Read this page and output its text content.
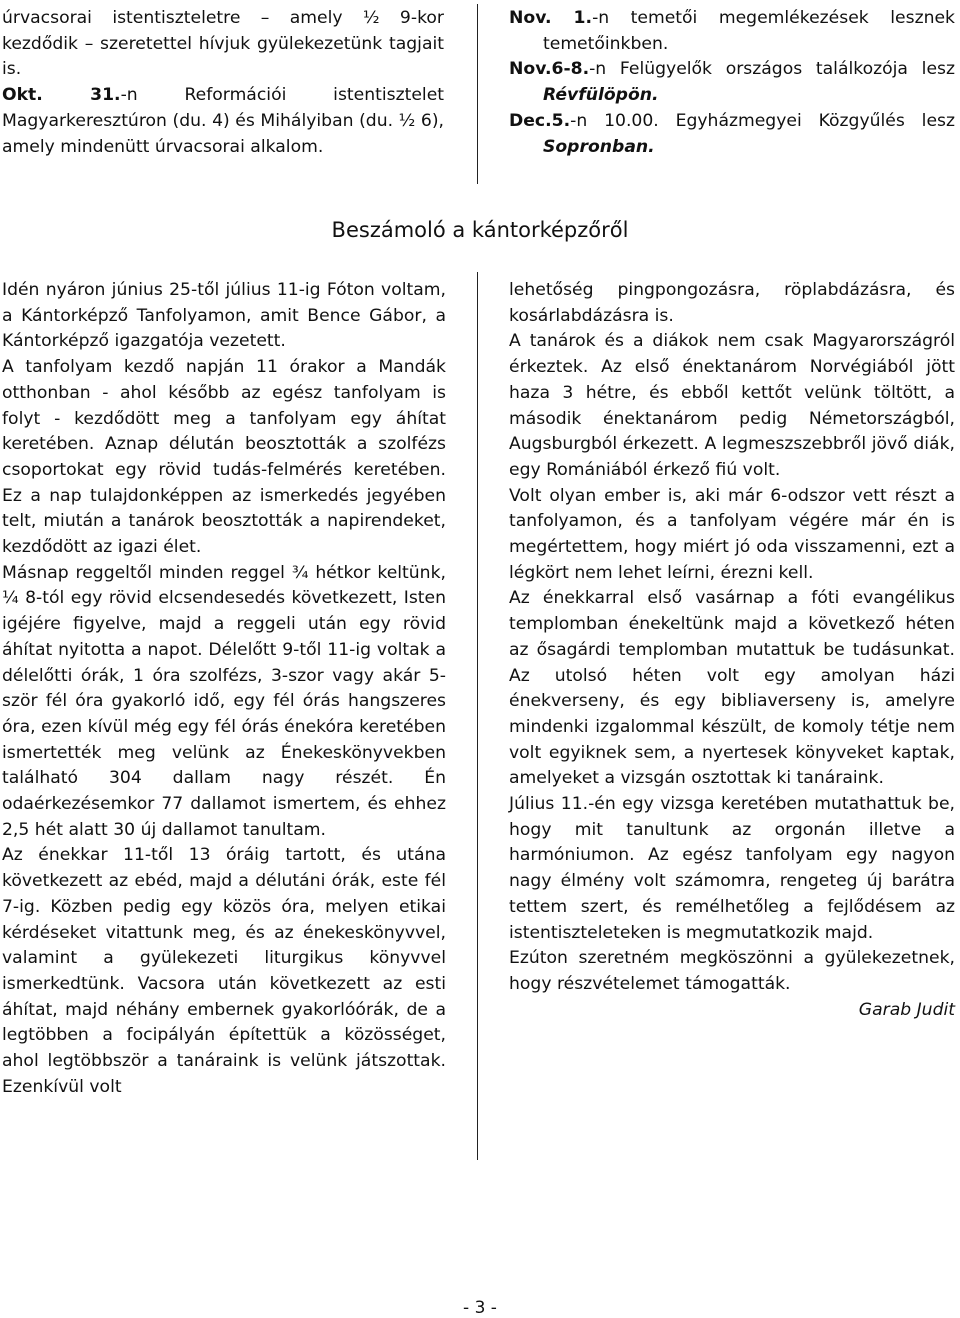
úrvacsorai istentiszteletre – amely ½ 9-kor kezdődik – szeretettel hívjuk gyülekezetünk tagjait is.

Okt. 31.-n Reformációi istentisztelet Magyarkeresztúron (du. 4) és Mihályiban (du. ½ 6), amely mindenütt úrvacsorai alkalom.

Nov. 1.-n temetői megemlékezések lesznek temetőinkben.

Nov.6-8.-n Felügyelők országos találkozója lesz Révfülöpön.

Dec.5.-n 10.00. Egyházmegyei Közgyűlés lesz Sopronban.

Beszámoló a kántorképzőről

Idén nyáron június 25-től július 11-ig Fóton voltam, a Kántorképző Tanfolyamon, amit Bence Gábor, a Kántorképző igazgatója vezetett.

A tanfolyam kezdő napján 11 órakor a Mandák otthonban - ahol később az egész tanfolyam is folyt - kezdődött meg a tanfolyam egy áhítat keretében. Aznap délután beosztották a szolfézs csoportokat egy rövid tudás-felmérés keretében. Ez a nap tulajdonképpen az ismerkedés jegyében telt, miután a tanárok beosztották a napirendeket, kezdődött az igazi élet.

Másnap reggeltől minden reggel ¾ hétkor keltünk, ¼ 8-tól egy rövid elcsendesedés következett, Isten igéjére figyelve, majd a reggeli után egy rövid áhítat nyitotta a napot. Délelőtt 9-től 11-ig voltak a délelőtti órák, 1 óra szolfézs, 3-szor vagy akár 5-ször fél óra gyakorló idő, egy fél órás hangszeres óra, ezen kívül még egy fél órás énekóra keretében ismertették meg velünk az Énekeskönyvekben található 304 dallam nagy részét. Én odaérkezésemkor 77 dallamot ismertem, és ehhez 2,5 hét alatt 30 új dallamot tanultam.

Az énekkar 11-től 13 óráig tartott, és utána következett az ebéd, majd a délutáni órák, este fél 7-ig. Közben pedig egy közös óra, melyen etikai kérdéseket vitattunk meg, és az énekeskönyvvel, valamint a gyülekezeti liturgikus könyvvel ismerkedtünk. Vacsora után következett az esti áhítat, majd néhány embernek gyakorlóórák, de a legtöbben a focipályán építettük a közösséget, ahol legtöbbször a tanáraink is velünk játszottak. Ezenkívül volt

lehetőség pingpongozásra, röplabdázásra, és kosárlabdázásra is.

A tanárok és a diákok nem csak Magyarországról érkeztek. Az első énektanárom Norvégiából jött haza 3 hétre, és ebből kettőt velünk töltött, a második énektanárom pedig Németországból, Augsburgból érkezett. A legmeszszebbről jövő diák, egy Romániából érkező fiú volt.

Volt olyan ember is, aki már 6-odszor vett részt a tanfolyamon, és a tanfolyam végére már én is megértettem, hogy miért jó oda visszamenni, ezt a légkört nem lehet leírni, érezni kell.

Az énekkarral első vasárnap a fóti evangélikus templomban énekeltünk majd a következő héten az ősagárdi templomban mutattuk be tudásunkat. Az utolsó héten volt egy amolyan házi énekverseny, és egy bibliaverseny is, amelyre mindenki izgalommal készült, de komoly tétje nem volt egyiknek sem, a nyertesek könyveket kaptak, amelyeket a vizsgán osztottak ki tanáraink.

Július 11.-én egy vizsga keretében mutathattuk be, hogy mit tanultunk az orgonán illetve a harmóniumon. Az egész tanfolyam egy nagyon nagy élmény volt számomra, rengeteg új barátra tettem szert, és remélhetőleg a fejlődésem az istentiszteleteken is megmutatkozik majd.

Ezúton szeretném megköszönni a gyülekezetnek, hogy részvételemet támogatták.

Garab Judit

- 3 -
